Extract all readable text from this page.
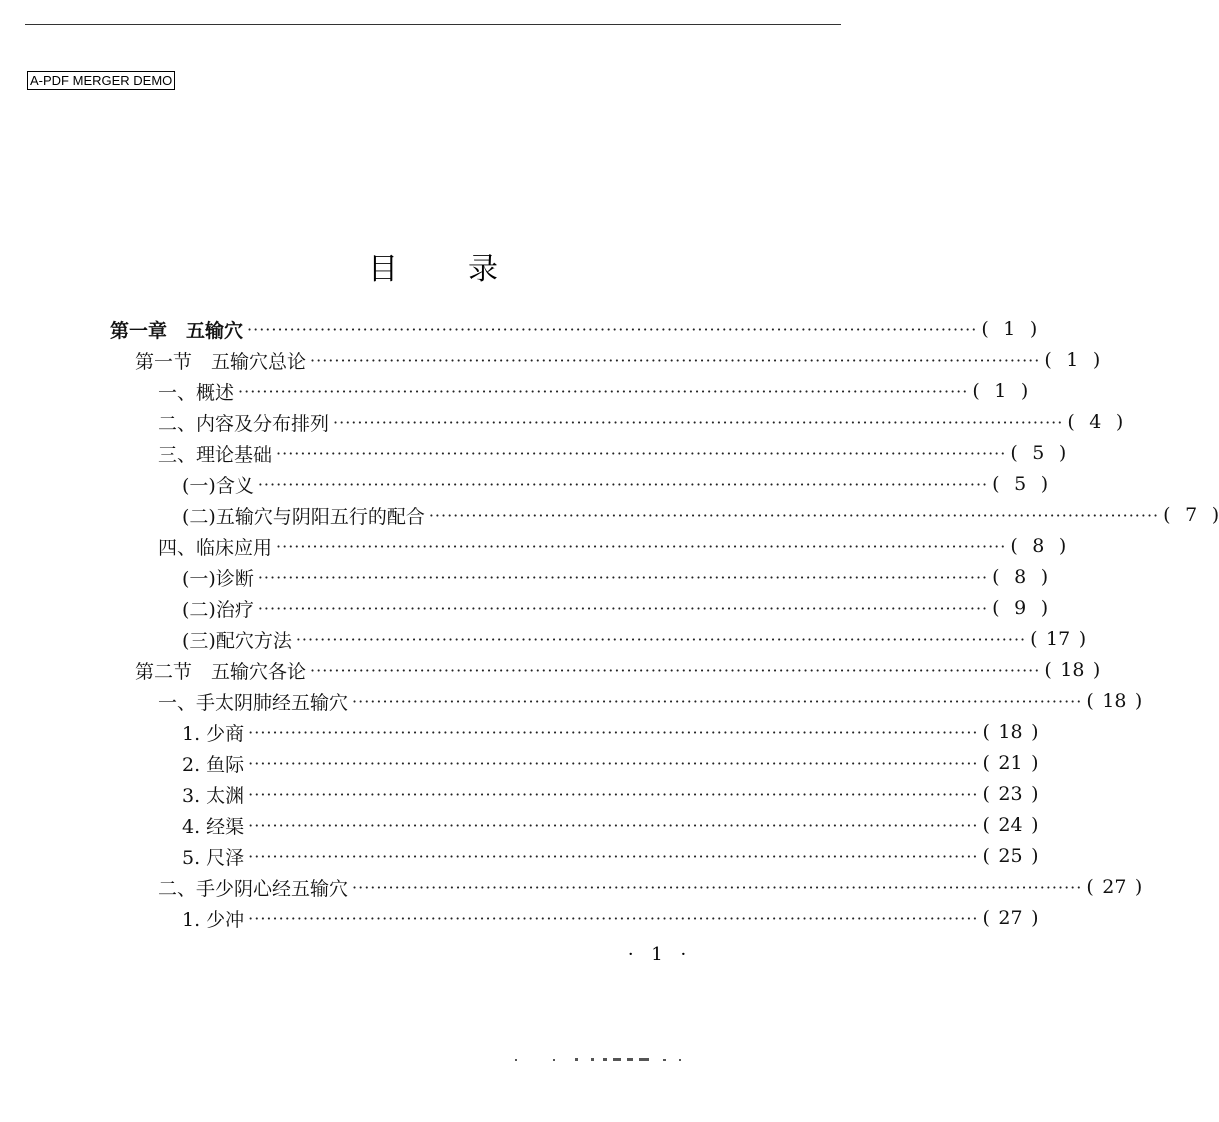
A-PDF MERGER DEMO
目 录
第一章　五输穴 ························································································································ ( 1 )
第一节　五输穴总论 ························································································································ ( 1 )
一、概述 ························································································································ ( 1 )
二、内容及分布排列 ························································································································ ( 4 )
三、理论基础 ························································································································ ( 5 )
(一)含义 ························································································································ ( 5 )
(二)五输穴与阴阳五行的配合 ························································································································ ( 7 )
四、临床应用 ························································································································ ( 8 )
(一)诊断 ························································································································ ( 8 )
(二)治疗 ························································································································ ( 9 )
(三)配穴方法 ························································································································ ( 17 )
第二节　五输穴各论 ························································································································ ( 18 )
一、手太阴肺经五输穴 ························································································································ ( 18 )
1. 少商 ························································································································ ( 18 )
2. 鱼际 ························································································································ ( 21 )
3. 太渊 ························································································································ ( 23 )
4. 经渠 ························································································································ ( 24 )
5. 尺泽 ························································································································ ( 25 )
二、手少阴心经五输穴 ························································································································ ( 27 )
1. 少冲 ························································································································ ( 27 )
· 1 ·
